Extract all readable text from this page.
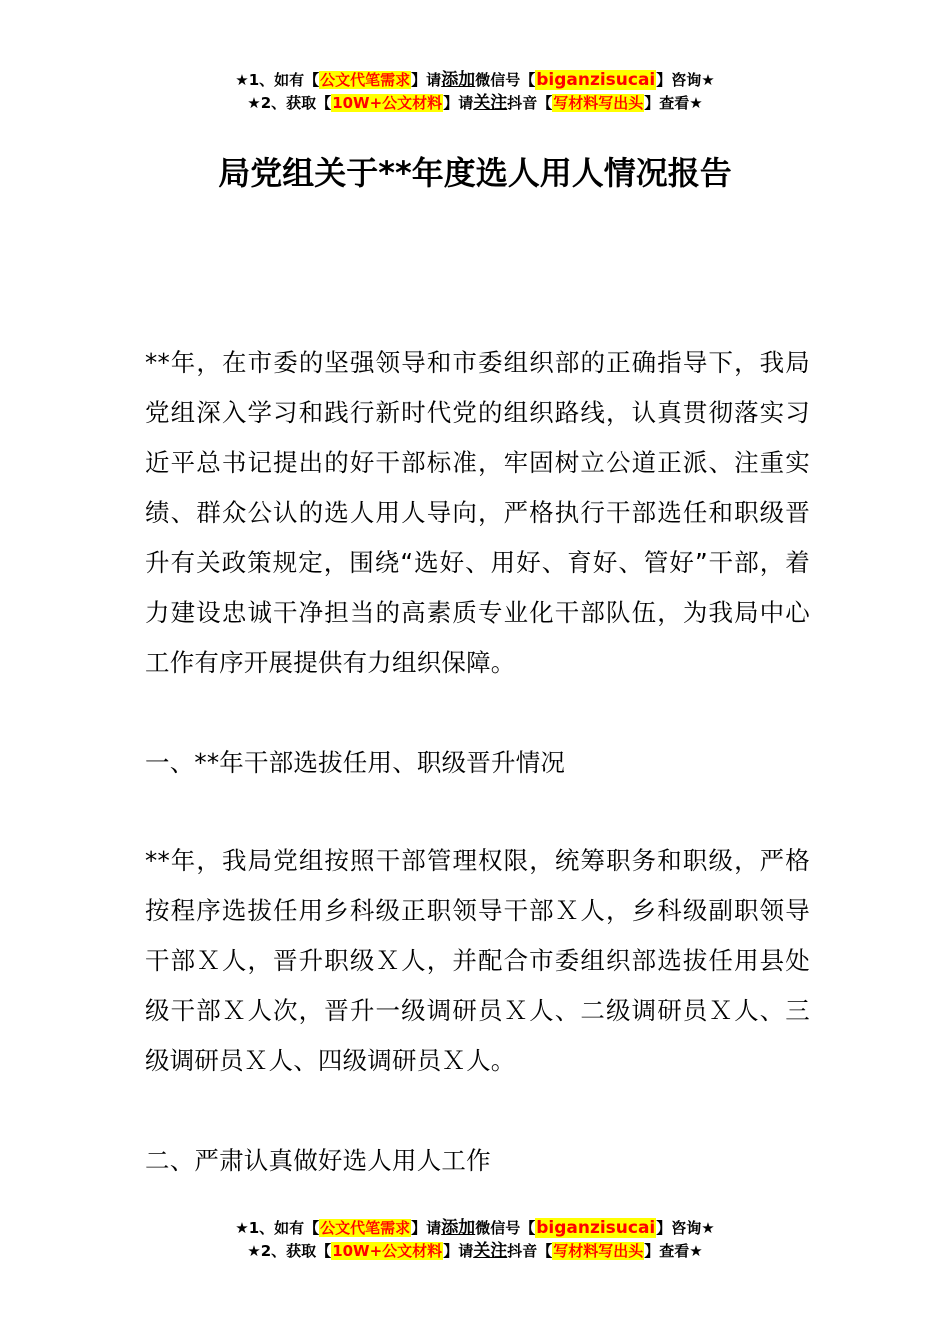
★1、如有【公文代笔需求】请添加微信号【biganzisucai】咨询★
★2、获取【10W+公文材料】请关注抖音【写材料写出头】查看★
局党组关于**年度选人用人情况报告

**年，在市委的坚强领导和市委组织部的正确指导下，我局党组深入学习和践行新时代党的组织路线，认真贯彻落实习近平总书记提出的好干部标准，牢固树立公道正派、注重实绩、群众公认的选人用人导向，严格执行干部选任和职级晋升有关政策规定，围绕“选好、用好、育好、管好”干部，着力建设忠诚干净担当的高素质专业化干部队伍，为我局中心工作有序开展提供有力组织保障。

一、**年干部选拔任用、职级晋升情况

**年，我局党组按照干部管理权限，统筹职务和职级，严格按程序选拔任用乡科级正职领导干部Ｘ人，乡科级副职领导干部Ｘ人，晋升职级Ｘ人，并配合市委组织部选拔任用县处级干部Ｘ人次，晋升一级调研员Ｘ人、二级调研员Ｘ人、三级调研员Ｘ人、四级调研员Ｘ人。

二、严肃认真做好选人用人工作

★1、如有【公文代笔需求】请添加微信号【biganzisucai】咨询★
★2、获取【10W+公文材料】请关注抖音【写材料写出头】查看★
